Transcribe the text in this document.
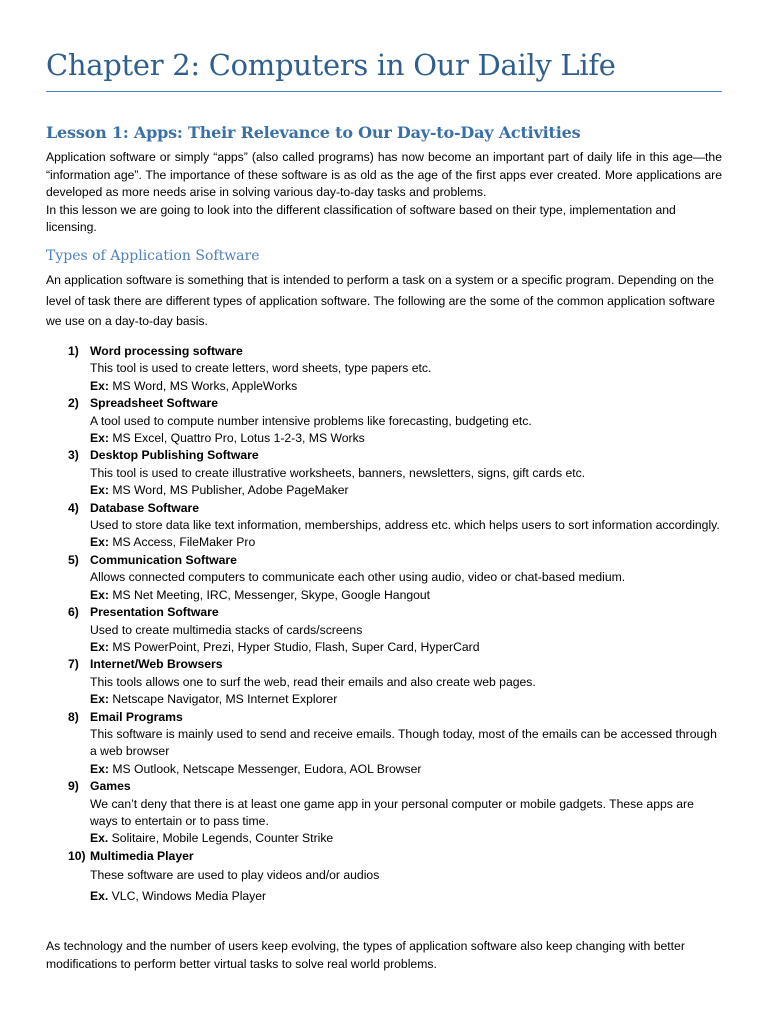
Chapter 2: Computers in Our Daily Life
Lesson 1: Apps: Their Relevance to Our Day-to-Day Activities

Application software or simply “apps” (also called programs) has now become an important part of daily life in this age—the “information age”. The importance of these software is as old as the age of the first apps ever created. More applications are developed as more needs arise in solving various day-to-day tasks and problems.

In this lesson we are going to look into the different classification of software based on their type, implementation and licensing.

Types of Application Software

An application software is something that is intended to perform a task on a system or a specific program. Depending on the level of task there are different types of application software. The following are the some of the common application software we use on a day-to-day basis.

1) Word processing software
This tool is used to create letters, word sheets, type papers etc.
Ex: MS Word, MS Works, AppleWorks
2) Spreadsheet Software
A tool used to compute number intensive problems like forecasting, budgeting etc.
Ex: MS Excel, Quattro Pro, Lotus 1-2-3, MS Works
3) Desktop Publishing Software
This tool is used to create illustrative worksheets, banners, newsletters, signs, gift cards etc.
Ex: MS Word, MS Publisher, Adobe PageMaker
4) Database Software
Used to store data like text information, memberships, address etc. which helps users to sort information accordingly.
Ex: MS Access, FileMaker Pro
5) Communication Software
Allows connected computers to communicate each other using audio, video or chat-based medium.
Ex: MS Net Meeting, IRC, Messenger, Skype, Google Hangout
6) Presentation Software
Used to create multimedia stacks of cards/screens
Ex: MS PowerPoint, Prezi, Hyper Studio, Flash, Super Card, HyperCard
7) Internet/Web Browsers
This tools allows one to surf the web, read their emails and also create web pages.
Ex: Netscape Navigator, MS Internet Explorer
8) Email Programs
This software is mainly used to send and receive emails. Though today, most of the emails can be accessed through a web browser
Ex: MS Outlook, Netscape Messenger, Eudora, AOL Browser
9) Games
We can’t deny that there is at least one game app in your personal computer or mobile gadgets. These apps are ways to entertain or to pass time.
Ex. Solitaire, Mobile Legends, Counter Strike
10) Multimedia Player
These software are used to play videos and/or audios
Ex. VLC, Windows Media Player

As technology and the number of users keep evolving, the types of application software also keep changing with better modifications to perform better virtual tasks to solve real world problems.
